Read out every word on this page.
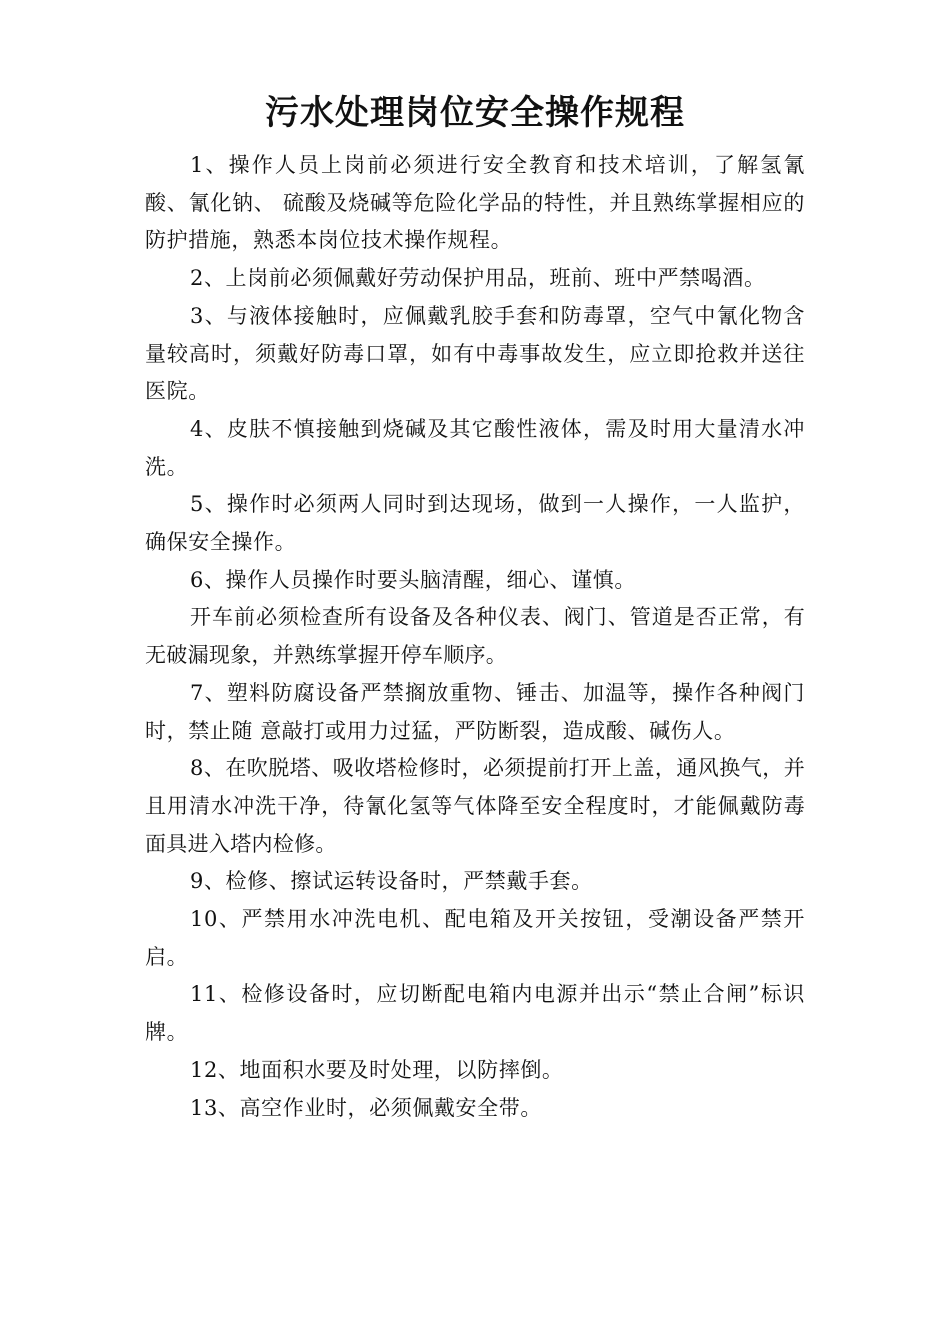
污水处理岗位安全操作规程

1、操作人员上岗前必须进行安全教育和技术培训，了解氢氰酸、氰化钠、 硫酸及烧碱等危险化学品的特性，并且熟练掌握相应的防护措施，熟悉本岗位技术操作规程。

2、上岗前必须佩戴好劳动保护用品，班前、班中严禁喝酒。

3、与液体接触时，应佩戴乳胶手套和防毒罩，空气中氰化物含量较高时，须戴好防毒口罩，如有中毒事故发生，应立即抢救并送往医院。

4、皮肤不慎接触到烧碱及其它酸性液体，需及时用大量清水冲洗。

5、操作时必须两人同时到达现场，做到一人操作，一人监护，确保安全操作。

6、操作人员操作时要头脑清醒，细心、谨慎。

开车前必须检查所有设备及各种仪表、阀门、管道是否正常，有无破漏现象，并熟练掌握开停车顺序。

7、塑料防腐设备严禁搁放重物、锤击、加温等，操作各种阀门时，禁止随 意敲打或用力过猛，严防断裂，造成酸、碱伤人。

8、在吹脱塔、吸收塔检修时，必须提前打开上盖，通风换气，并且用清水冲洗干净，待氰化氢等气体降至安全程度时，才能佩戴防毒面具进入塔内检修。

9、检修、擦试运转设备时，严禁戴手套。

10、严禁用水冲洗电机、配电箱及开关按钮，受潮设备严禁开启。

11、检修设备时，应切断配电箱内电源并出示“禁止合闸”标识牌。

12、地面积水要及时处理，以防摔倒。

13、高空作业时，必须佩戴安全带。
